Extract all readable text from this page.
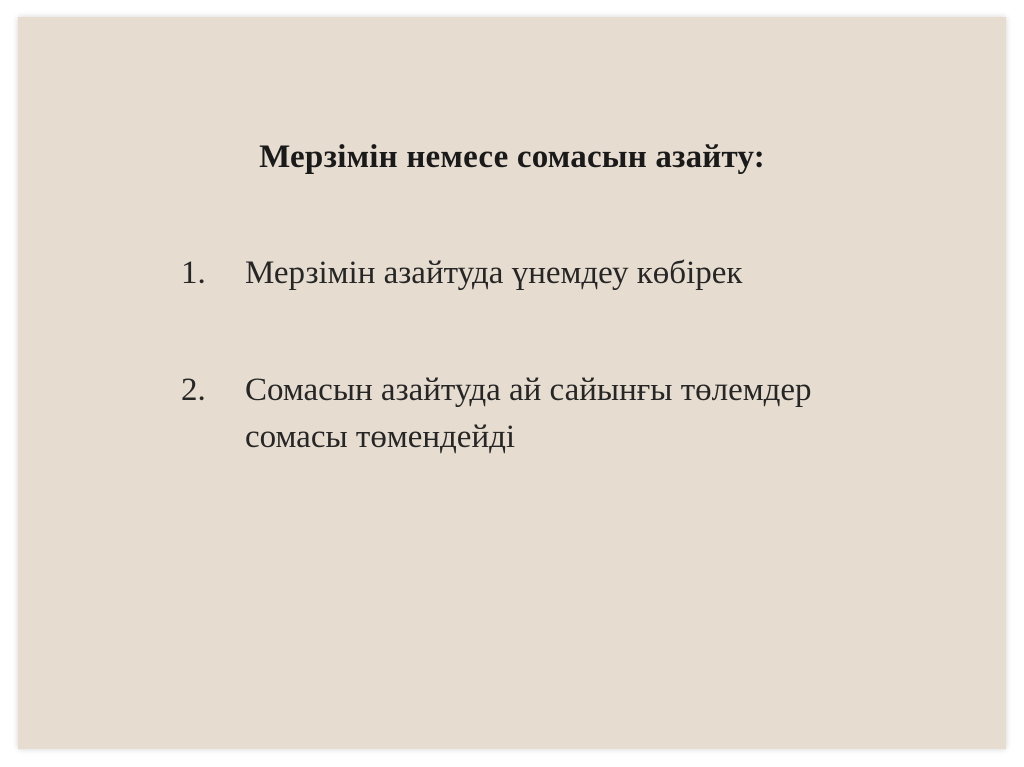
Мерзімін немесе сомасын азайту:
1. Мерзімін азайтуда үнемдеу көбірек
2. Сомасын азайтуда ай сайынғы төлемдер сомасы төмендейді
